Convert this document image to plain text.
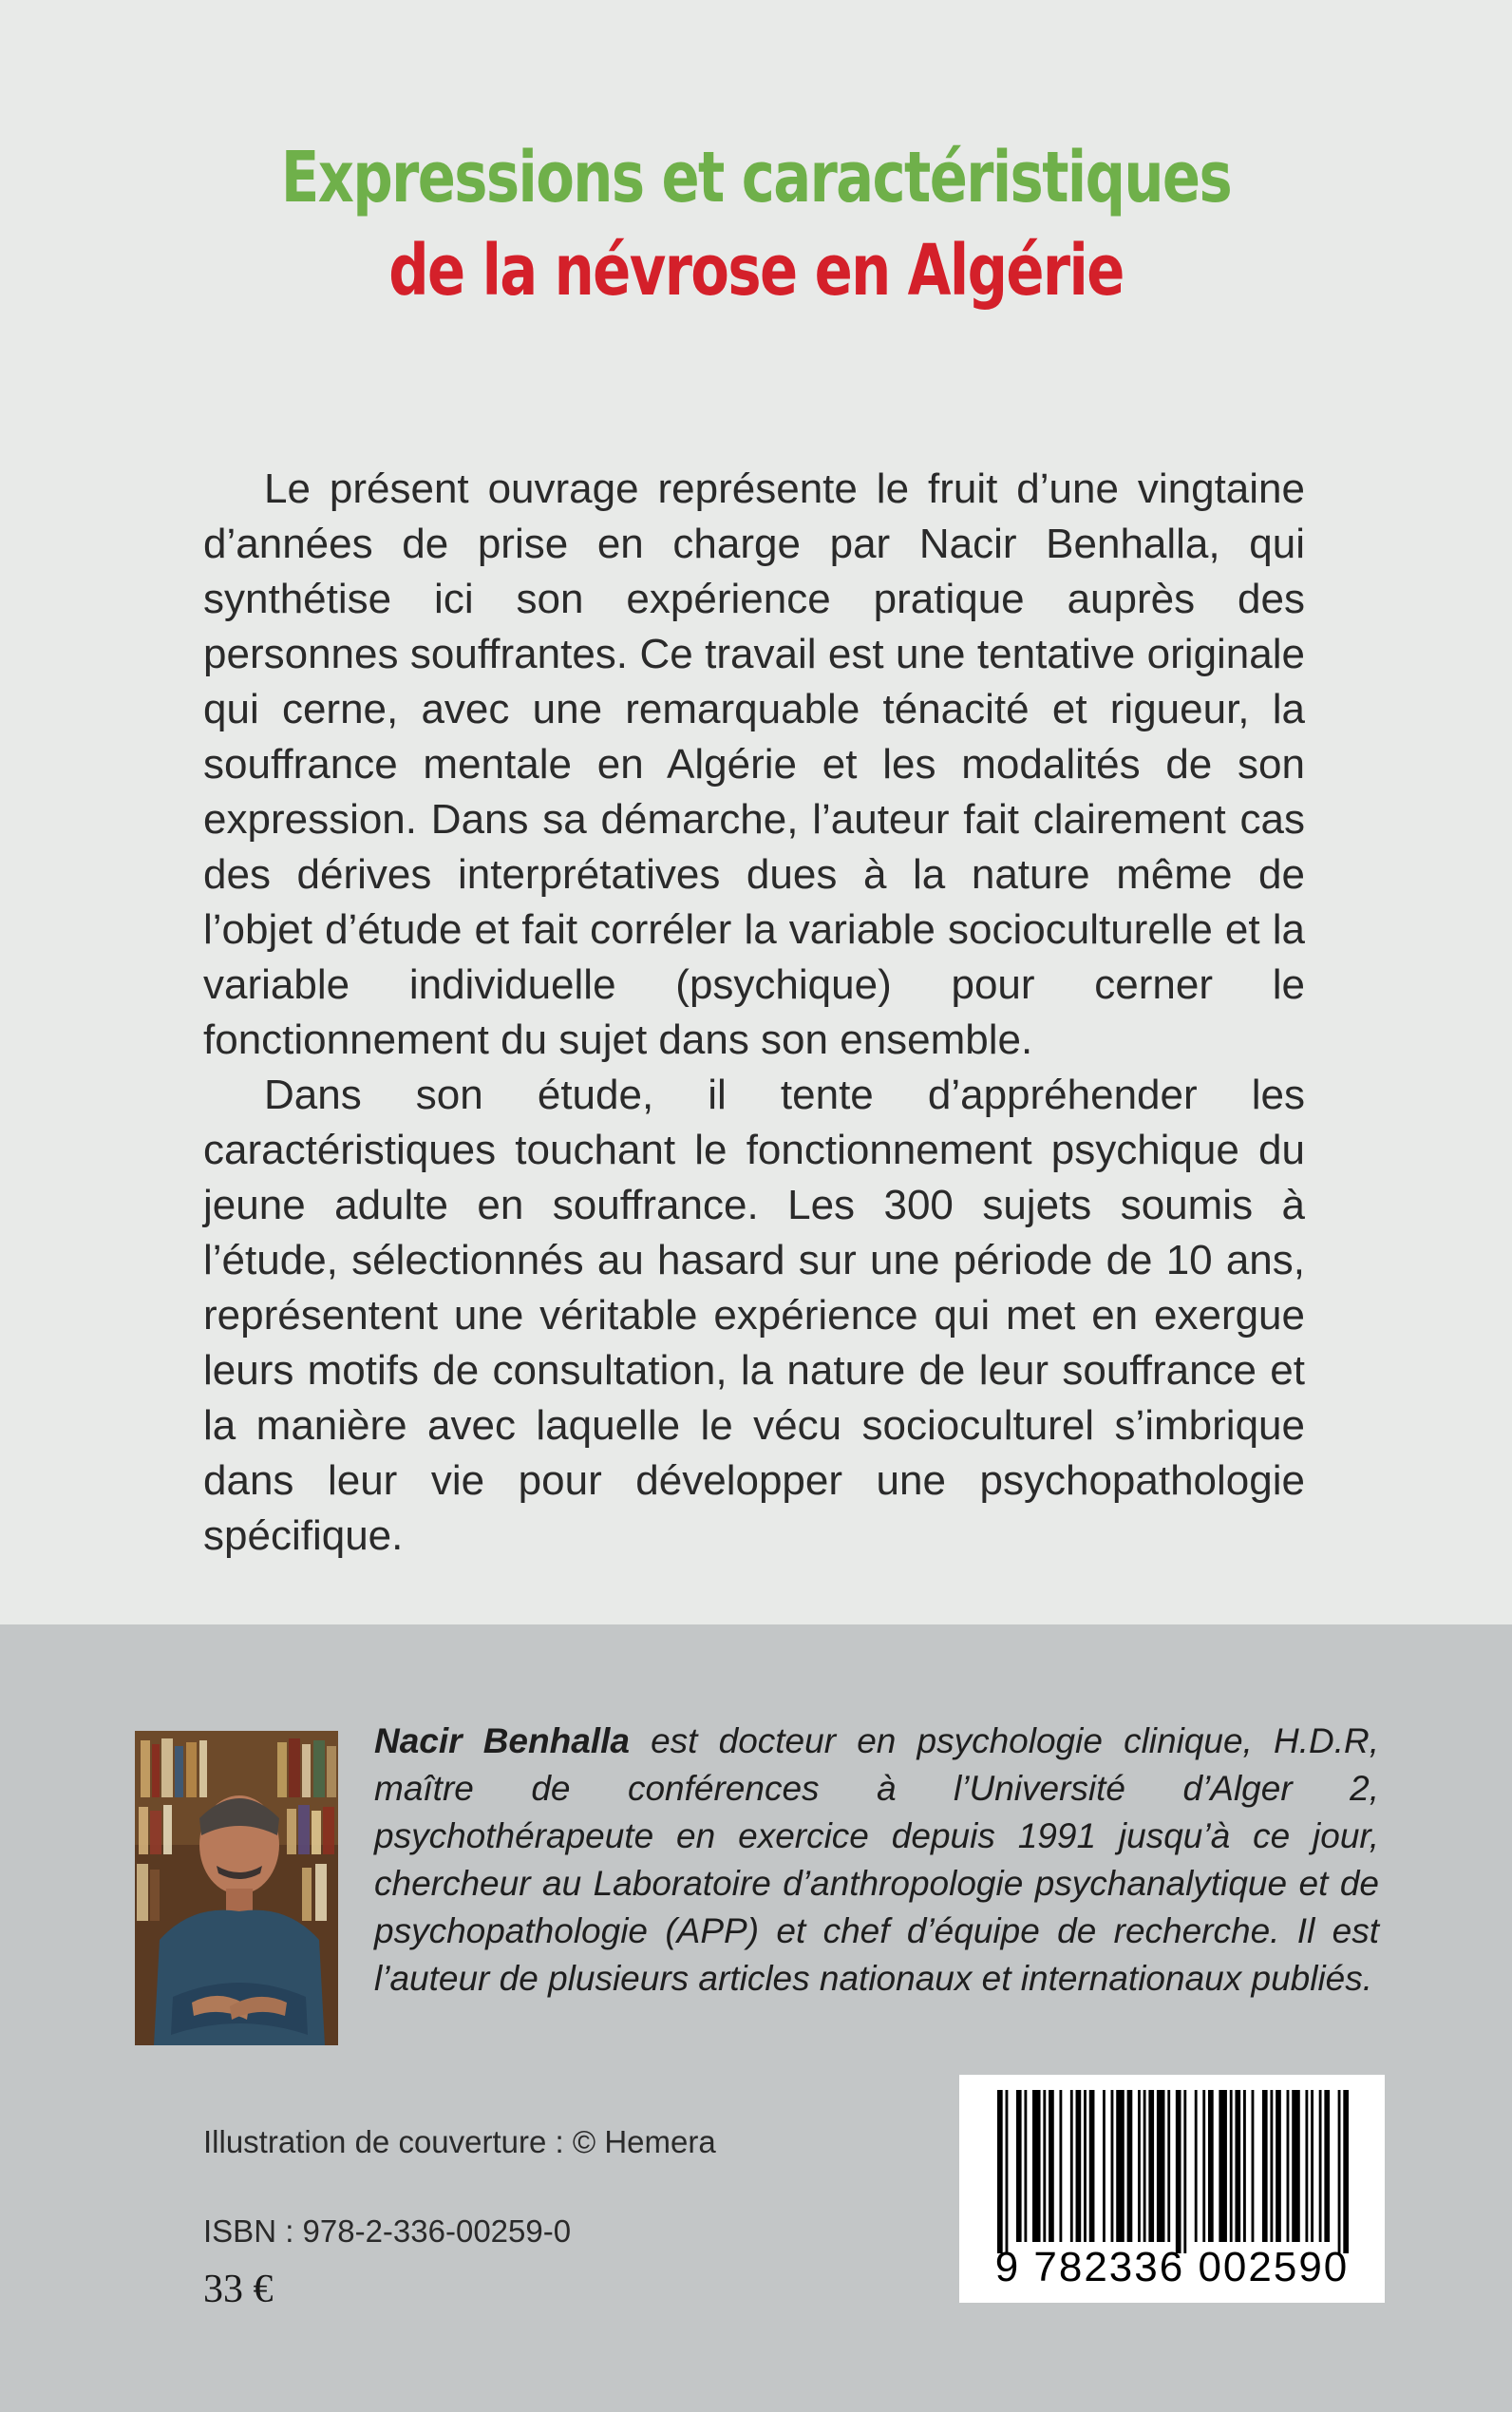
Expressions et caractéristiques
de la névrose en Algérie

Le présent ouvrage représente le fruit d’une vingtaine d’années de prise en charge par Nacir Benhalla, qui synthétise ici son expérience pratique auprès des personnes souffrantes. Ce travail est une tentative originale qui cerne, avec une remarquable ténacité et rigueur, la souffrance mentale en Algérie et les modalités de son expression. Dans sa démarche, l’auteur fait clairement cas des dérives interprétatives dues à la nature même de l’objet d’étude et fait corréler la variable socioculturelle et la variable individuelle (psychique) pour cerner le fonctionnement du sujet dans son ensemble.

Dans son étude, il tente d’appréhender les caractéristiques touchant le fonctionnement psychique du jeune adulte en souffrance. Les 300 sujets soumis à l’étude, sélectionnés au hasard sur une période de 10 ans, représentent une véritable expérience qui met en exergue leurs motifs de consultation, la nature de leur souffrance et la manière avec laquelle le vécu socioculturel s’imbrique dans leur vie pour développer une psychopathologie spécifique.

Nacir Benhalla est docteur en psychologie clinique, H.D.R, maître de conférences à l’Université d’Alger 2, psychothérapeute en exercice depuis 1991 jusqu’à ce jour, chercheur au Laboratoire d’anthropologie psychanalytique et de psychopathologie (APP) et chef d’équipe de recherche. Il est l’auteur de plusieurs articles nationaux et internationaux publiés.
Illustration de couverture : © Hemera
ISBN : 978-2-336-00259-0
33 €	9 782336 002590
